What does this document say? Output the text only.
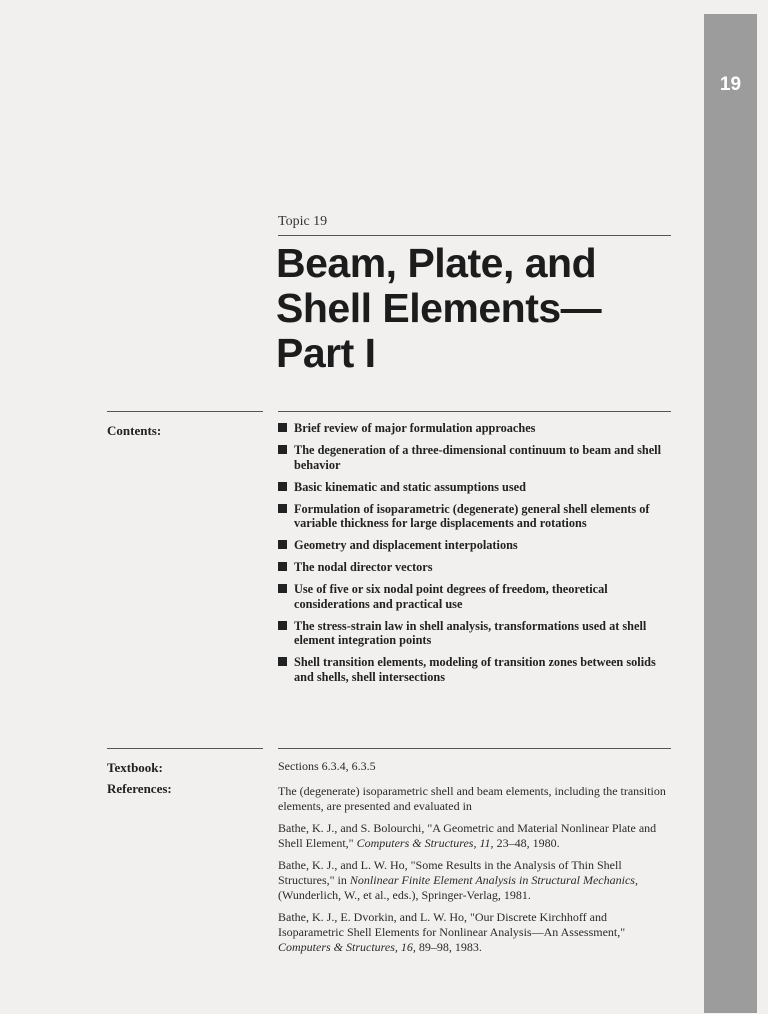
19
Topic 19
Beam, Plate, and
Shell Elements—
Part I
Contents:	Brief review of major formulation approaches
The degeneration of a three-dimensional continuum to beam and shell behavior
Basic kinematic and static assumptions used
Formulation of isoparametric (degenerate) general shell elements of variable thickness for large displacements and rotations
Geometry and displacement interpolations
The nodal director vectors
Use of five or six nodal point degrees of freedom, theoretical considerations and practical use
The stress-strain law in shell analysis, transformations used at shell element integration points
Shell transition elements, modeling of transition zones between solids and shells, shell intersections
Textbook:
References:

Sections 6.3.4, 6.3.5

The (degenerate) isoparametric shell and beam elements, including the transition elements, are presented and evaluated in

Bathe, K. J., and S. Bolourchi, "A Geometric and Material Nonlinear Plate and Shell Element," Computers & Structures, 11, 23–48, 1980.

Bathe, K. J., and L. W. Ho, "Some Results in the Analysis of Thin Shell Structures," in Nonlinear Finite Element Analysis in Structural Mechanics, (Wunderlich, W., et al., eds.), Springer-Verlag, 1981.

Bathe, K. J., E. Dvorkin, and L. W. Ho, "Our Discrete Kirchhoff and Isoparametric Shell Elements for Nonlinear Analysis—An Assessment," Computers & Structures, 16, 89–98, 1983.
